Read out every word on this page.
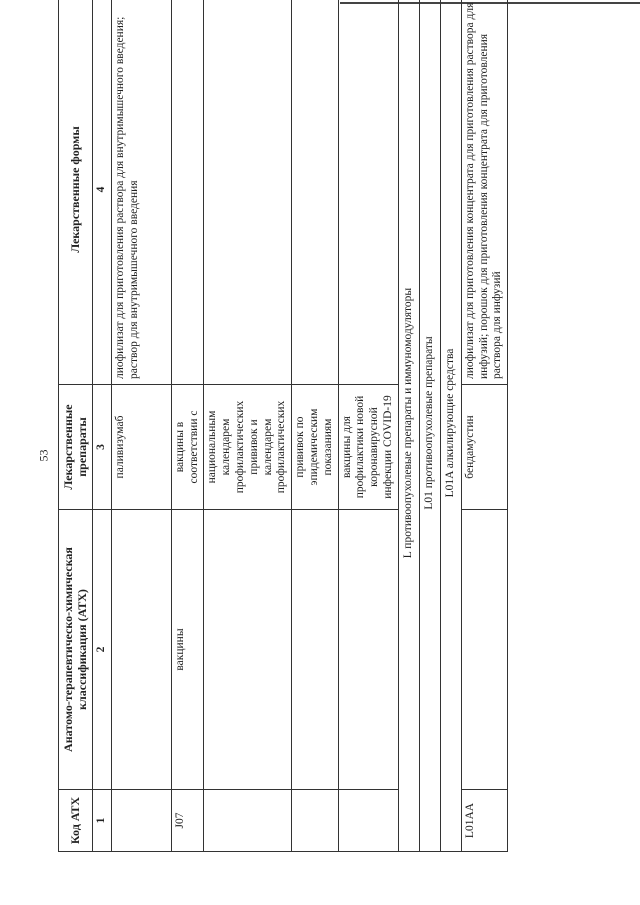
53
Код АТХ	Анатомо-терапевтическо-химическая классификация (АТХ)	Лекарственные препараты	Лекарственные формы
1	2	3	4
		паливизумаб	лиофилизат для приготовления раствора для внутримышечного введения; раствор для внутримышечного введения
J07	вакцины	вакцины в соответствии с	
		национальным календарем профилактических прививок и календарем профилактических	
		прививок по эпидемическим показаниям	
		вакцины для профилактики новой коронавирусной инфекции COVID-19	
L противоопухолевые препараты и иммуномодуляторы			
L01 противоопухолевые препараты			
L01A алкилирующие средства			
L01AA		бендамустин	лиофилизат для приготовления концентрата для приготовления раствора для инфузий; порошок для приготовления концентрата для приготовления раствора для инфузий
